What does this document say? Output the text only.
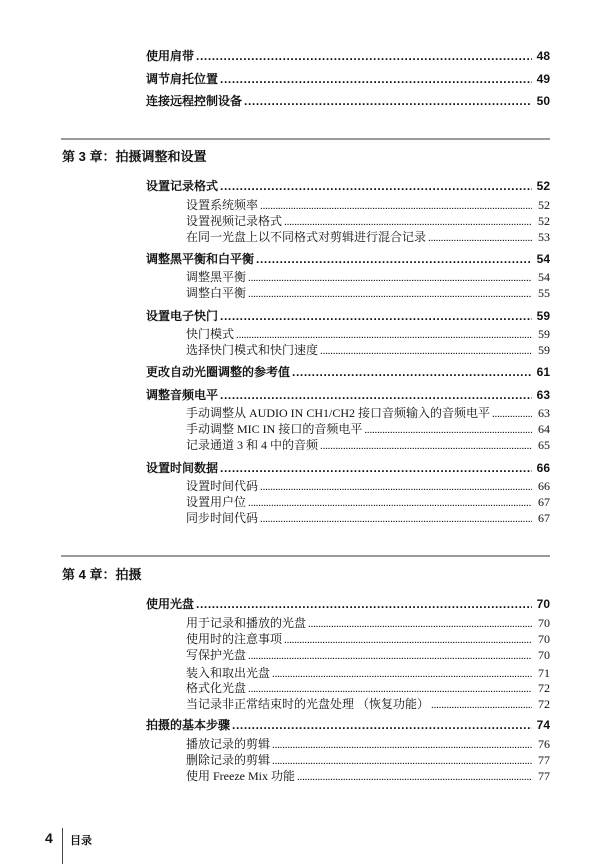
使用肩带 .....	48
调节肩托位置 .....	49
连接远程控制设备 .....	50
第 3 章：拍摄调整和设置
设置记录格式 .....	52
设置系统频率 .....	52
设置视频记录格式 .....	52
在同一光盘上以不同格式对剪辑进行混合记录 .....	53
调整黑平衡和白平衡 .....	54
调整黑平衡 .....	54
调整白平衡 .....	55
设置电子快门 .....	59
快门模式 .....	59
选择快门模式和快门速度 .....	59
更改自动光圈调整的参考值 .....	61
调整音频电平 .....	63
手动调整从 AUDIO IN CH1/CH2 接口音频输入的音频电平 .....	63
手动调整 MIC IN 接口的音频电平 .....	64
记录通道 3 和 4 中的音频 .....	65
设置时间数据 .....	66
设置时间代码 .....	66
设置用户位 .....	67
同步时间代码 .....	67
第 4 章：拍摄
使用光盘 .....	70
用于记录和播放的光盘 .....	70
使用时的注意事项 .....	70
写保护光盘 .....	70
装入和取出光盘 .....	71
格式化光盘 .....	72
当记录非正常结束时的光盘处理 （恢复功能） .....	72
拍摄的基本步骤 .....	74
播放记录的剪辑 .....	76
删除记录的剪辑 .....	77
使用 Freeze Mix 功能 .....	77
4 目录
